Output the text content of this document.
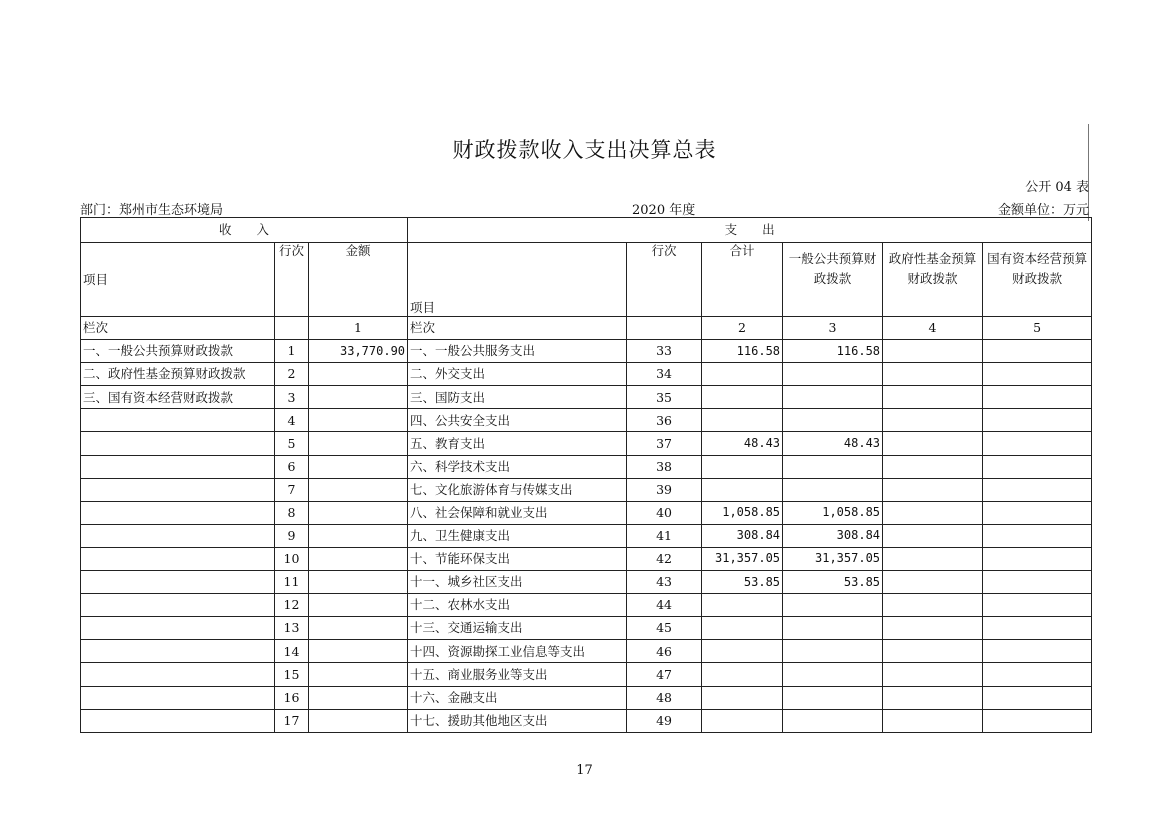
财政拨款收入支出决算总表
公开 04 表
部门：郑州市生态环境局	2020 年度	金额单位：万元
收　　入			支　　出					
项目	行次	金额	项目	行次	合计	一般公共预算财政拨款	政府性基金预算财政拨款	国有资本经营预算财政拨款
栏次		1	栏次		2	3	4	5
一、一般公共预算财政拨款	1	33,770.90	一、一般公共服务支出	33	116.58	116.58		
二、政府性基金预算财政拨款	2		二、外交支出	34				
三、国有资本经营财政拨款	3		三、国防支出	35				
	4		四、公共安全支出	36				
	5		五、教育支出	37	48.43	48.43		
	6		六、科学技术支出	38				
	7		七、文化旅游体育与传媒支出	39				
	8		八、社会保障和就业支出	40	1,058.85	1,058.85		
	9		九、卫生健康支出	41	308.84	308.84		
	10		十、节能环保支出	42	31,357.05	31,357.05		
	11		十一、城乡社区支出	43	53.85	53.85		
	12		十二、农林水支出	44				
	13		十三、交通运输支出	45				
	14		十四、资源勘探工业信息等支出	46				
	15		十五、商业服务业等支出	47				
	16		十六、金融支出	48				
	17		十七、援助其他地区支出	49				
17
